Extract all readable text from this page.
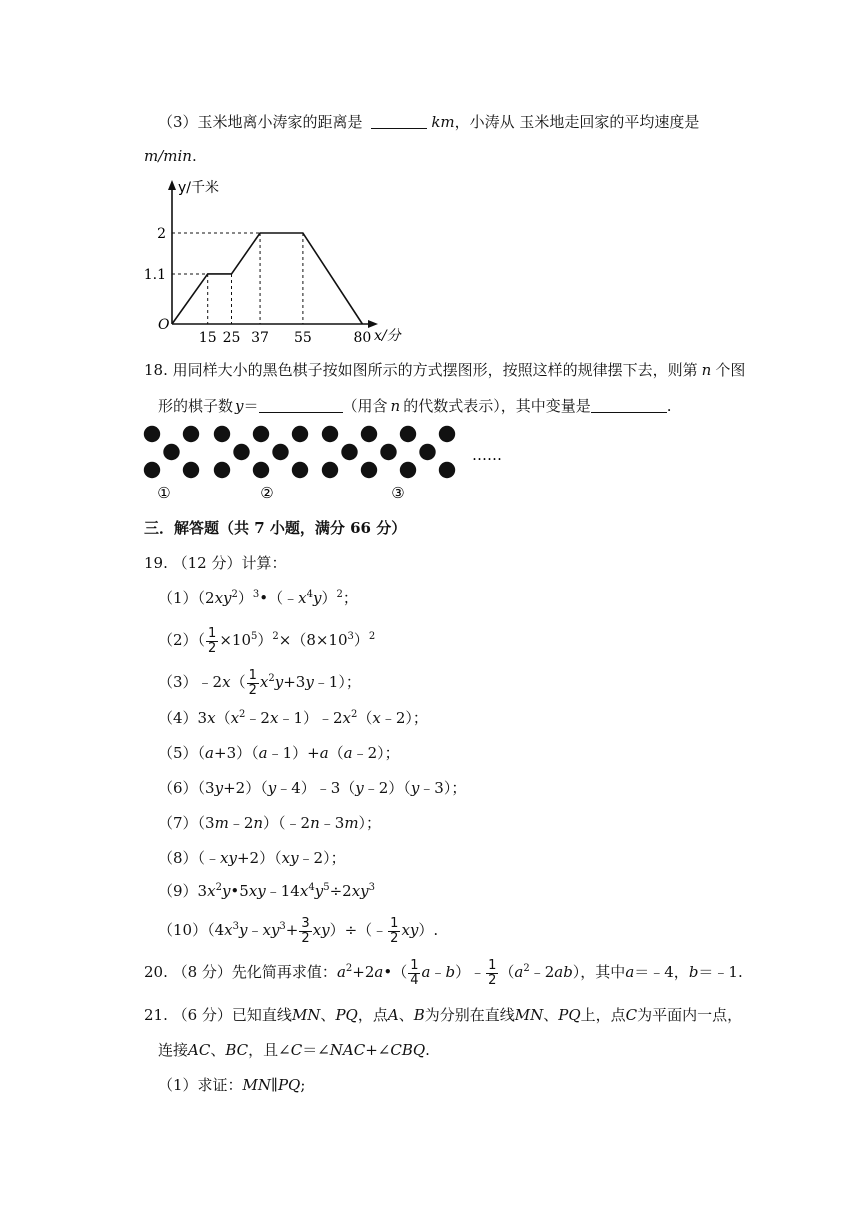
（3）玉米地离小涛家的距离是	km，小涛从 玉米地走回家的平均速度是
m/min.
y/千米
x/分
O
2
1.1
15 25 37 55	80
18. 用同样大小的黑色棋子按如图所示的方式摆图形，按照这样的规律摆下去，则第 n 个图
形的棋子数 y＝	（用含 n 的代数式表示），其中变量是	.
①	②	③
……
三．解答题（共 7 小题，满分 66 分）
19. （12 分）计算：
$(1)(2xy^2)^3•(﹣x^4y)^2$；
$(2)( \frac{1}{2} \times 10^5)^2\times(8\times 10^3)^2$
（3）﹣2x（ $\frac{1}{2}$ $x^2y+3y﹣1$）；
$(4)3x(x^2﹣2x﹣1)﹣2x^2(x﹣2)$；
（5）（a+3）（a﹣1）+a（a﹣2）；
（6）（3y+2）（y﹣4）﹣3（y﹣2）（y﹣3）；
（7）（3m﹣2n）（﹣2n﹣3m）；
（8）（﹣xy+2）（xy﹣2）；
$(9)3x^2y•5xy﹣14x^4y^5\div 2xy^3$
$(10)(4x^3y﹣xy^3+ \frac{3}{2}$ xy）÷（﹣ $\frac{1}{2} xy$）.
20. （8 分）先化简再求值：$a^2+2a•( \frac{1}{4}$ a﹣b）﹣ $\frac{1}{2}$ $(a^2﹣2ab)$，其中a＝﹣4，b＝﹣1.
21. （6 分）已知直线MN、PQ，点A、B为分别在直线MN、PQ上，点C为平面内一点，
连接AC、BC，且∠C＝∠NAC+∠CBQ.
（1）求证：MN∥PQ;
